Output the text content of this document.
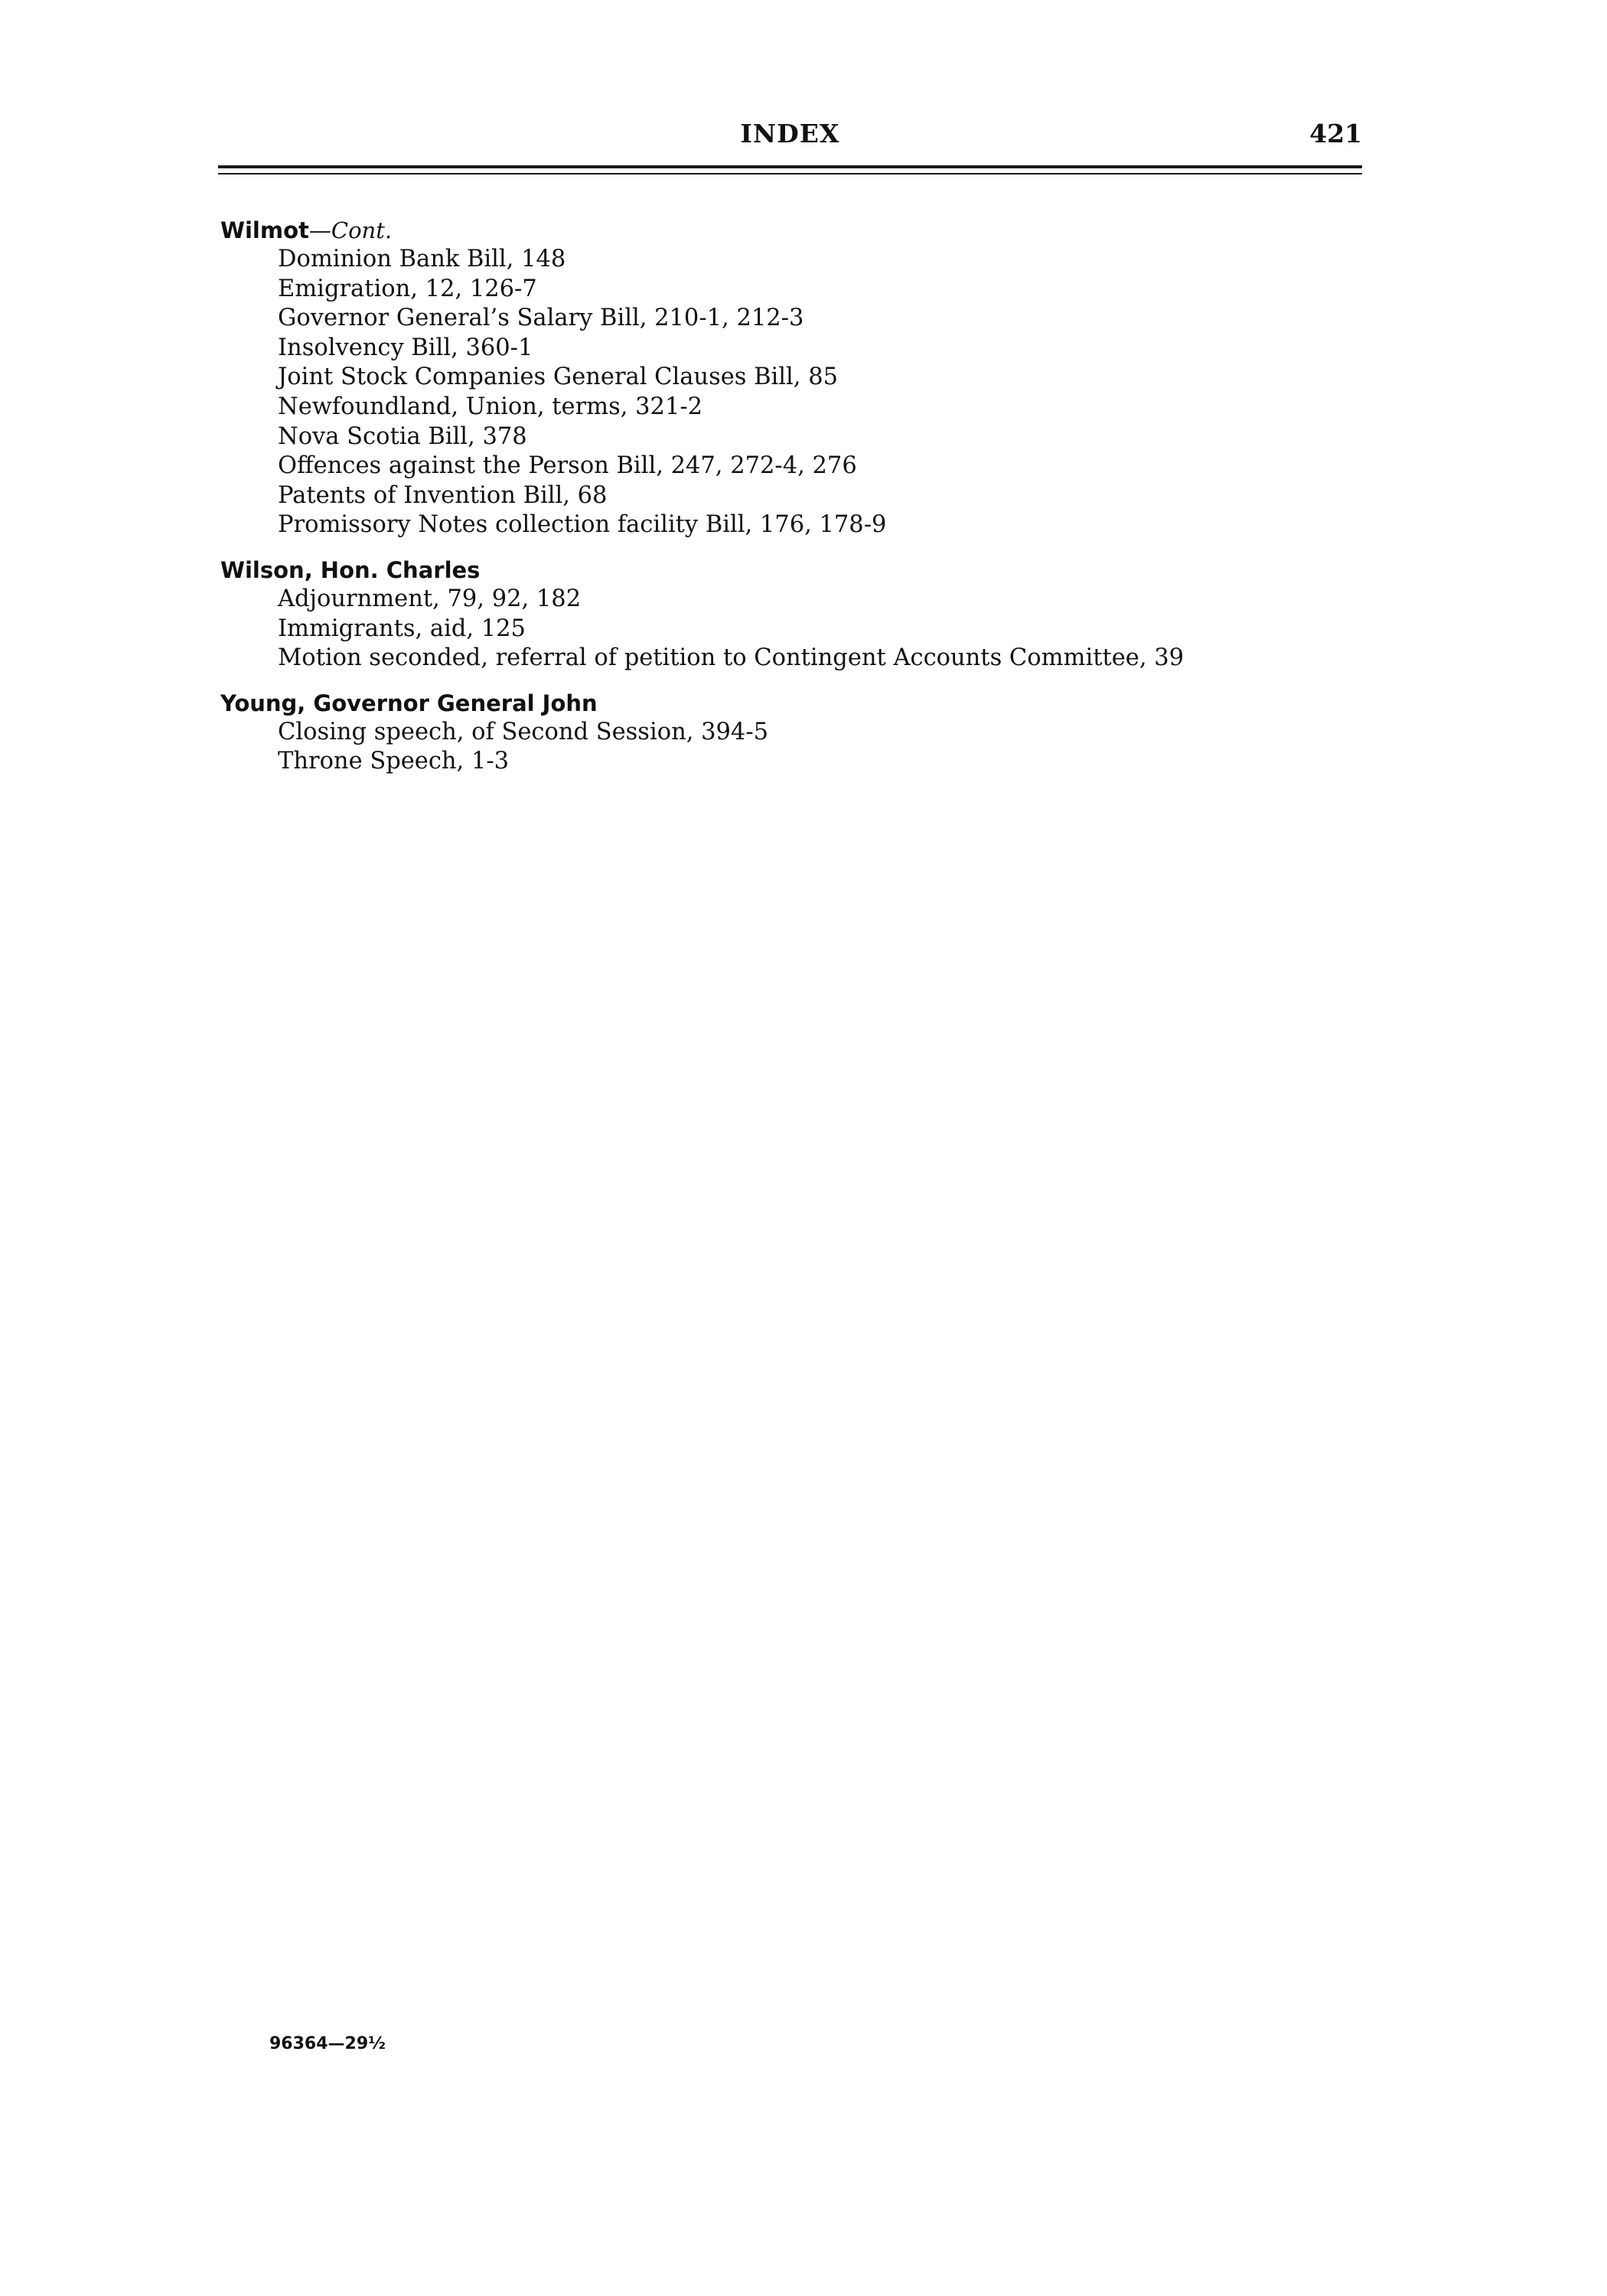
INDEX	421
Wilmot—Cont.
Dominion Bank Bill, 148
Emigration, 12, 126-7
Governor General’s Salary Bill, 210-1, 212-3
Insolvency Bill, 360-1
Joint Stock Companies General Clauses Bill, 85
Newfoundland, Union, terms, 321-2
Nova Scotia Bill, 378
Offences against the Person Bill, 247, 272-4, 276
Patents of Invention Bill, 68
Promissory Notes collection facility Bill, 176, 178-9
Wilson, Hon. Charles
Adjournment, 79, 92, 182
Immigrants, aid, 125
Motion seconded, referral of petition to Contingent Accounts Committee, 39
Young, Governor General John
Closing speech, of Second Session, 394-5
Throne Speech, 1-3
96364—29½
